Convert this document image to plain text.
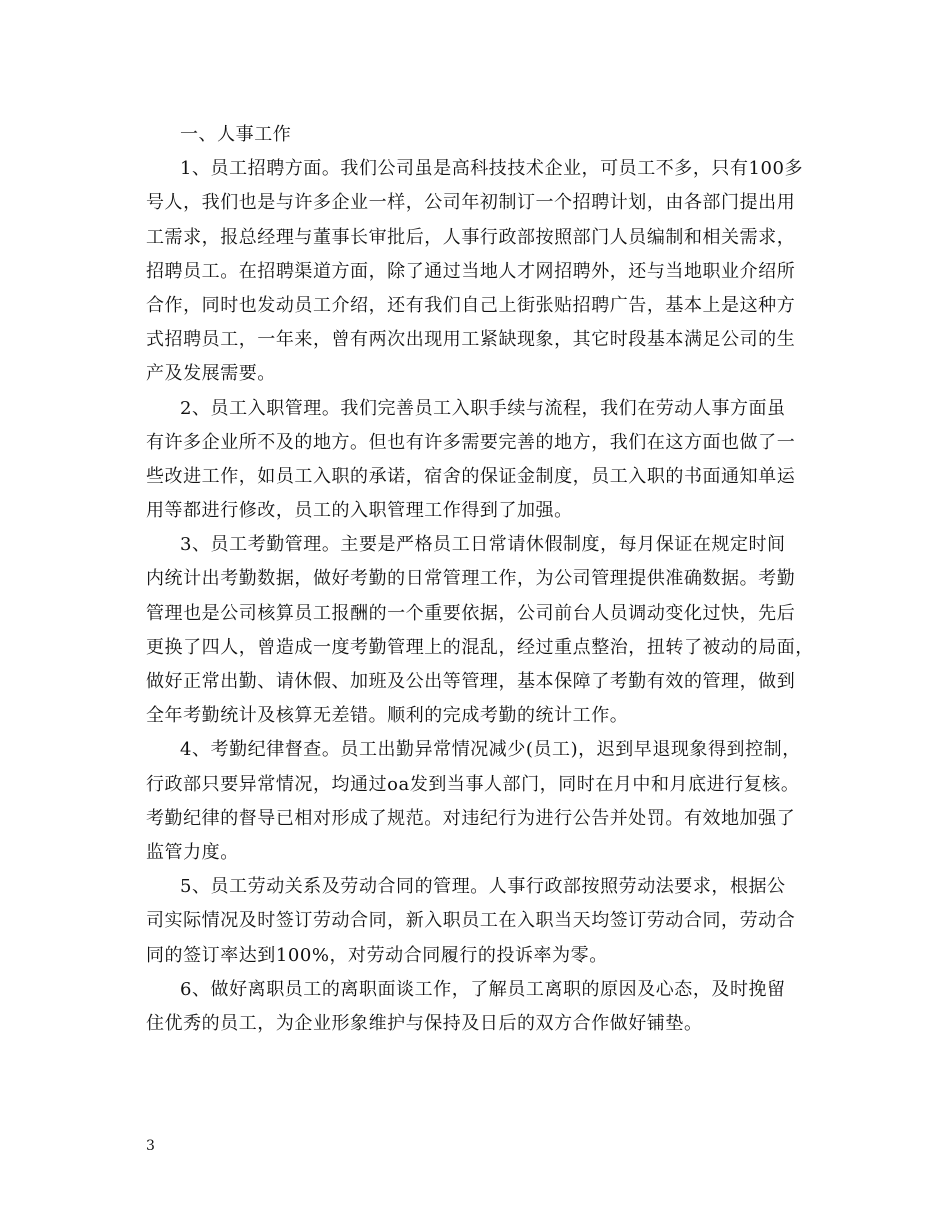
一、人事工作
1、员工招聘方面。我们公司虽是高科技技术企业，可员工不多，只有100多
号人，我们也是与许多企业一样，公司年初制订一个招聘计划，由各部门提出用
工需求，报总经理与董事长审批后，人事行政部按照部门人员编制和相关需求，
招聘员工。在招聘渠道方面，除了通过当地人才网招聘外，还与当地职业介绍所
合作，同时也发动员工介绍，还有我们自己上街张贴招聘广告，基本上是这种方
式招聘员工，一年来，曾有两次出现用工紧缺现象，其它时段基本满足公司的生
产及发展需要。
2、员工入职管理。我们完善员工入职手续与流程，我们在劳动人事方面虽
有许多企业所不及的地方。但也有许多需要完善的地方，我们在这方面也做了一
些改进工作，如员工入职的承诺，宿舍的保证金制度，员工入职的书面通知单运
用等都进行修改，员工的入职管理工作得到了加强。
3、员工考勤管理。主要是严格员工日常请休假制度，每月保证在规定时间
内统计出考勤数据，做好考勤的日常管理工作，为公司管理提供准确数据。考勤
管理也是公司核算员工报酬的一个重要依据，公司前台人员调动变化过快，先后
更换了四人，曾造成一度考勤管理上的混乱，经过重点整治，扭转了被动的局面，
做好正常出勤、请休假、加班及公出等管理，基本保障了考勤有效的管理，做到
全年考勤统计及核算无差错。顺利的完成考勤的统计工作。
4、考勤纪律督查。员工出勤异常情况减少(员工)，迟到早退现象得到控制，
行政部只要异常情况，均通过oa发到当事人部门，同时在月中和月底进行复核。
考勤纪律的督导已相对形成了规范。对违纪行为进行公告并处罚。有效地加强了
监管力度。
5、员工劳动关系及劳动合同的管理。人事行政部按照劳动法要求，根据公
司实际情况及时签订劳动合同，新入职员工在入职当天均签订劳动合同，劳动合
同的签订率达到100%，对劳动合同履行的投诉率为零。
6、做好离职员工的离职面谈工作，了解员工离职的原因及心态，及时挽留
住优秀的员工，为企业形象维护与保持及日后的双方合作做好铺垫。
3
